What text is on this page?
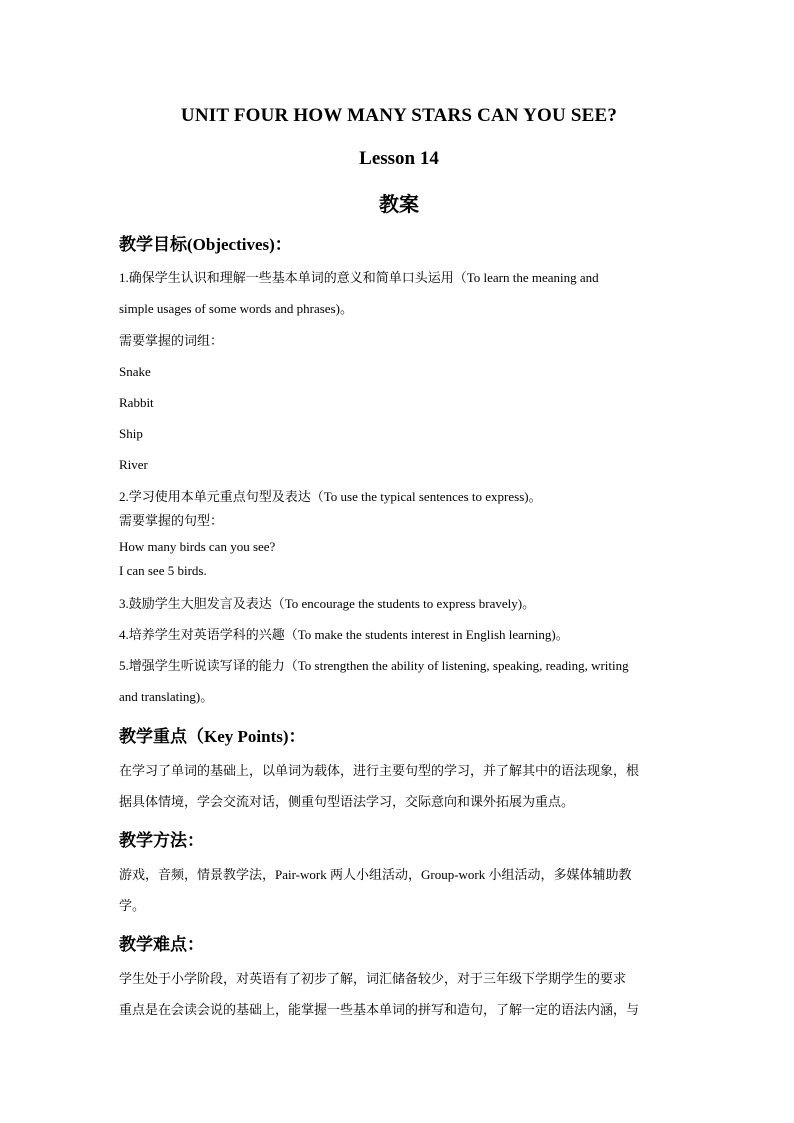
UNIT FOUR HOW MANY STARS CAN YOU SEE?
Lesson 14
教案
教学目标(Objectives)：

1.确保学生认识和理解一些基本单词的意义和简单口头运用（To learn the meaning and

simple usages of some words and phrases)。

需要掌握的词组：

Snake

Rabbit

Ship

River

2.学习使用本单元重点句型及表达（To use the typical sentences to express)。

需要掌握的句型：

How many birds can you see?

I can see 5 birds.

3.鼓励学生大胆发言及表达（To encourage the students to express bravely)。

4.培养学生对英语学科的兴趣（To make the students interest in English learning)。

5.增强学生听说读写译的能力（To strengthen the ability of listening, speaking, reading, writing

and translating)。

教学重点（Key Points)：

在学习了单词的基础上，以单词为载体，进行主要句型的学习，并了解其中的语法现象，根

据具体情境，学会交流对话，侧重句型语法学习，交际意向和课外拓展为重点。

教学方法：

游戏，音频，情景教学法，Pair-work 两人小组活动，Group-work 小组活动，多媒体辅助教

学。

教学难点：

学生处于小学阶段，对英语有了初步了解，词汇储备较少，对于三年级下学期学生的要求

重点是在会读会说的基础上，能掌握一些基本单词的拼写和造句，了解一定的语法内涵，与
